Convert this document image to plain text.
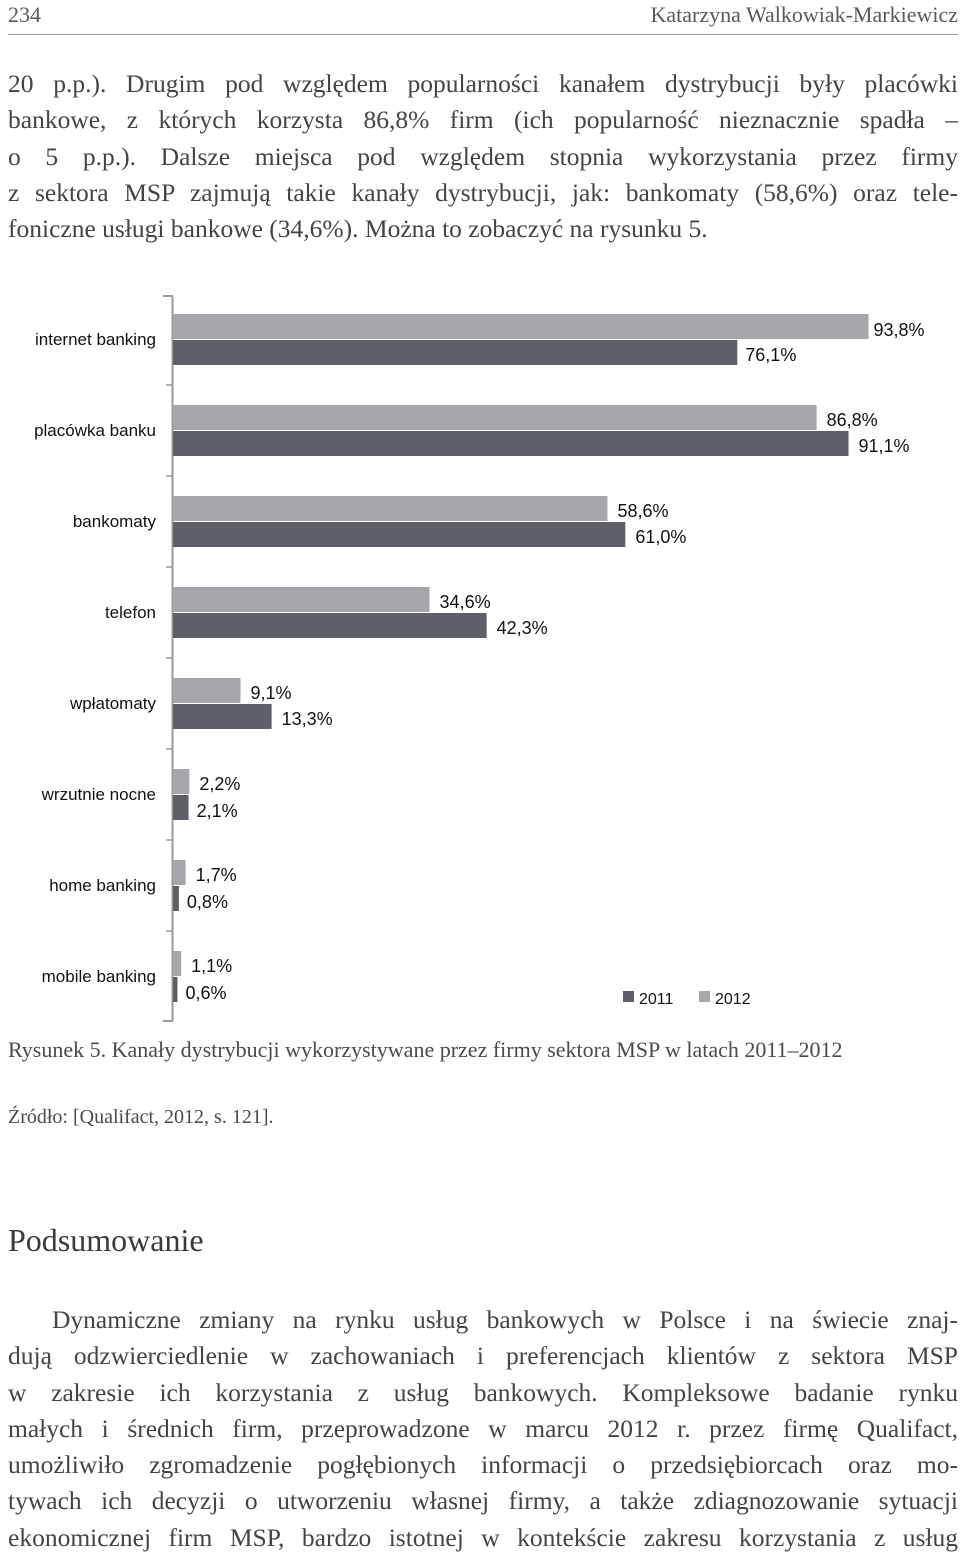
234	Katarzyna Walkowiak-Markiewicz
20 p.p.). Drugim pod względem popularności kanałem dystrybucji były placówki
bankowe, z których korzysta 86,8% firm (ich popularność nieznacznie spadła –
o 5 p.p.). Dalsze miejsca pod względem stopnia wykorzystania przez firmy
z sektora MSP zajmują takie kanały dystrybucji, jak: bankomaty (58,6%) oraz tele-
foniczne usługi bankowe (34,6%). Można to zobaczyć na rysunku 5.
internet banking	93,8%
76,1%
placówka banku
86,8%
91,1%
bankomaty
58,6%
61,0%
telefon
34,6%
42,3%
wpłatomaty
9,1%
13,3%
wrzutnie nocne
2,2%
2,1%
home banking
1,7%
0,8%
mobile banking
1,1%
0,6%	2011	2012
Rysunek 5. Kanały dystrybucji wykorzystywane przez firmy sektora MSP w latach 2011–2012
Źródło: [Qualifact, 2012, s. 121].
Podsumowanie
Dynamiczne zmiany na rynku usług bankowych w Polsce i na świecie znaj-
dują odzwierciedlenie w zachowaniach i preferencjach klientów z sektora MSP
w zakresie ich korzystania z usług bankowych. Kompleksowe badanie rynku
małych i średnich firm, przeprowadzone w marcu 2012 r. przez firmę Qualifact,
umożliwiło zgromadzenie pogłębionych informacji o przedsiębiorcach oraz mo-
tywach ich decyzji o utworzeniu własnej firmy, a także zdiagnozowanie sytuacji
ekonomicznej firm MSP, bardzo istotnej w kontekście zakresu korzystania z usług
